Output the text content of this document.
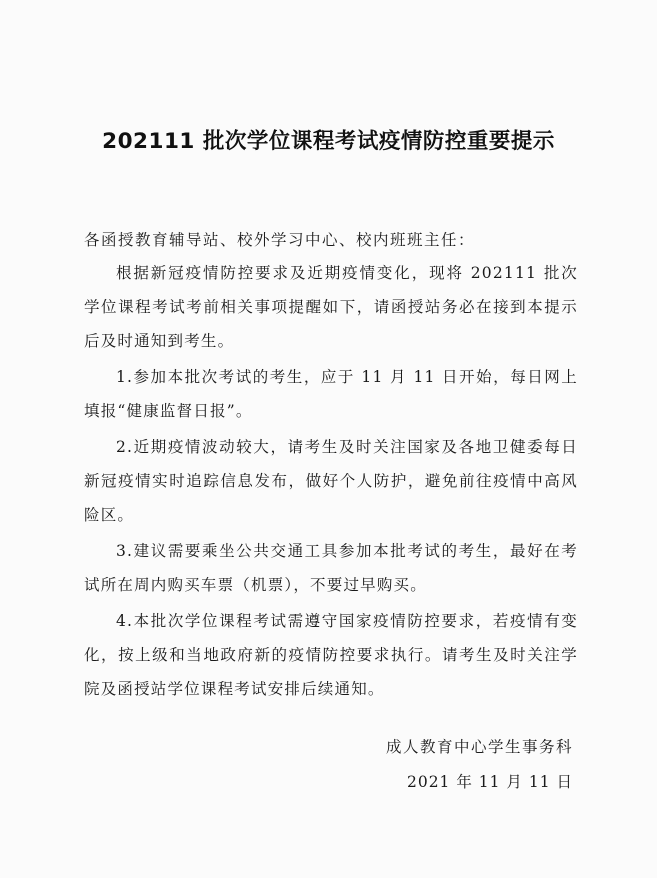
202111 批次学位课程考试疫情防控重要提示
各函授教育辅导站、校外学习中心、校内班班主任：
根据新冠疫情防控要求及近期疫情变化，现将 202111 批次学位课程考试考前相关事项提醒如下，请函授站务必在接到本提示后及时通知到考生。
1.参加本批次考试的考生，应于 11 月 11 日开始，每日网上填报“健康监督日报”。
2.近期疫情波动较大，请考生及时关注国家及各地卫健委每日新冠疫情实时追踪信息发布，做好个人防护，避免前往疫情中高风险区。
3.建议需要乘坐公共交通工具参加本批考试的考生，最好在考试所在周内购买车票（机票），不要过早购买。
4.本批次学位课程考试需遵守国家疫情防控要求，若疫情有变化，按上级和当地政府新的疫情防控要求执行。请考生及时关注学院及函授站学位课程考试安排后续通知。
成人教育中心学生事务科
2021 年 11 月 11 日
